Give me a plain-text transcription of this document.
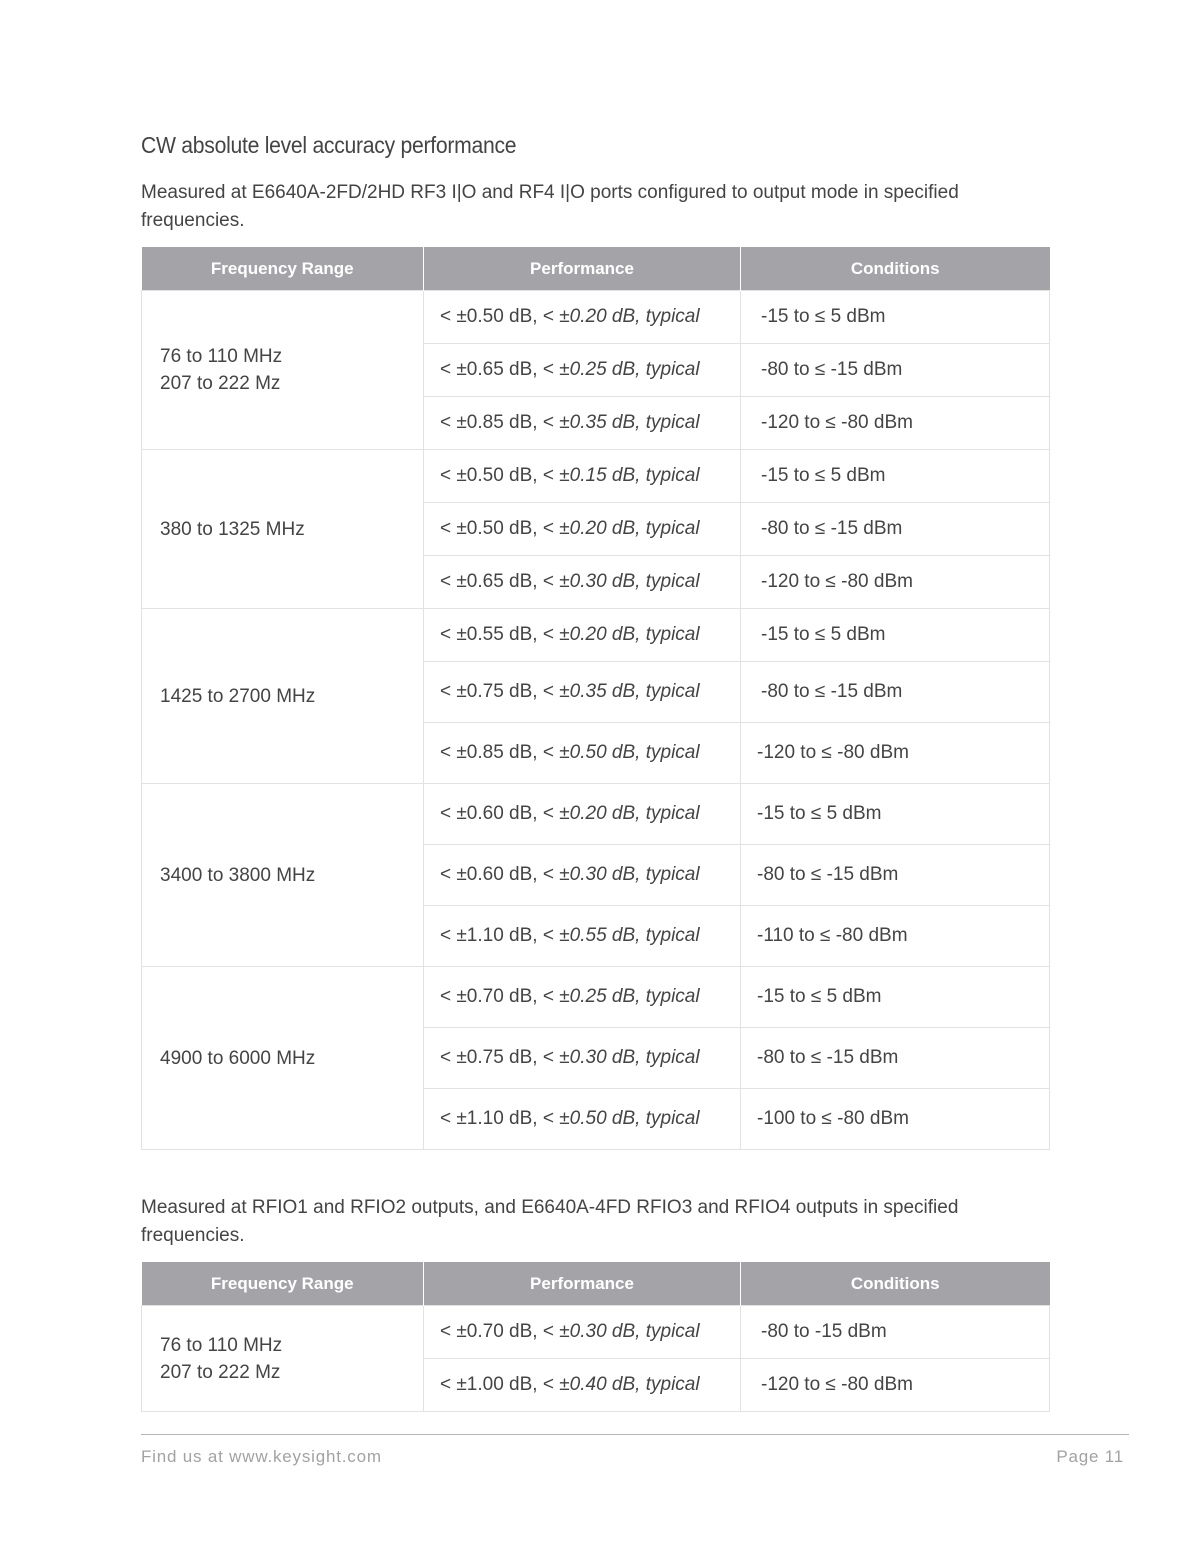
CW absolute level accuracy performance
Measured at E6640A-2FD/2HD RF3 I|O and RF4 I|O ports configured to output mode in specified frequencies.
Frequency Range	Performance	Conditions

76 to 110 MHz
207 to 222 Mz	< ±0.50 dB, < ±0.20 dB, typical	-15 to ≤ 5 dBm
	< ±0.65 dB, < ±0.25 dB, typical	-80 to ≤ -15 dBm
	< ±0.85 dB, < ±0.35 dB, typical	-120 to ≤ -80 dBm

380 to 1325 MHz	< ±0.50 dB, < ±0.15 dB, typical	-15 to ≤ 5 dBm
	< ±0.50 dB, < ±0.20 dB, typical	-80 to ≤ -15 dBm
	< ±0.65 dB, < ±0.30 dB, typical	-120 to ≤ -80 dBm

1425 to 2700 MHz	< ±0.55 dB, < ±0.20 dB, typical	-15 to ≤ 5 dBm
	< ±0.75 dB, < ±0.35 dB, typical	-80 to ≤ -15 dBm
	< ±0.85 dB, < ±0.50 dB, typical	-120 to ≤ -80 dBm

3400 to 3800 MHz	< ±0.60 dB, < ±0.20 dB, typical	-15 to ≤ 5 dBm
	< ±0.60 dB, < ±0.30 dB, typical	-80 to ≤ -15 dBm
	< ±1.10 dB, < ±0.55 dB, typical	-110 to ≤ -80 dBm

4900 to 6000 MHz	< ±0.70 dB, < ±0.25 dB, typical	-15 to ≤ 5 dBm
	< ±0.75 dB, < ±0.30 dB, typical	-80 to ≤ -15 dBm
	< ±1.10 dB, < ±0.50 dB, typical	-100 to ≤ -80 dBm
Measured at RFIO1 and RFIO2 outputs, and E6640A-4FD RFIO3 and RFIO4 outputs in specified frequencies.
Frequency Range	Performance	Conditions

76 to 110 MHz
207 to 222 Mz	< ±0.70 dB, < ±0.30 dB, typical	-80 to -15 dBm
	< ±1.00 dB, < ±0.40 dB, typical	-120 to ≤ -80 dBm
Find us at www.keysight.com	Page 11
